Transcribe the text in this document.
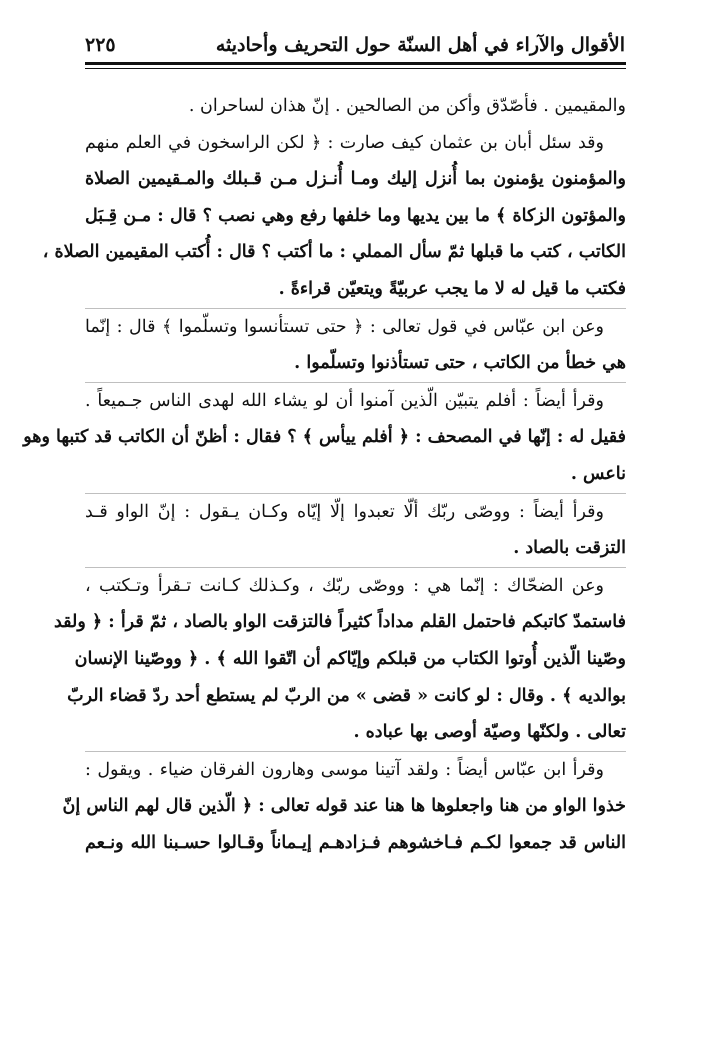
الأقوال والآراء في أهل السنّة حول التحريف وأحاديثه
٢٢٥
والمقيمين . فأصّدّق وأكن من الصالحين . إنّ هذان لساحران .
وقد سئل أبان بن عثمان كيف صارت : ﴿ لكن الراسخون في العلم منهم
والمؤمنون يؤمنون بما أُنزل إليك ومـا أُنـزل مـن قـبلك والمـقيمين الصلاة
والمؤتون الزكاة ﴾ ما بين يديها وما خلفها رفع وهي نصب ؟ قال : مـن قِـبَل
الكاتب ، كتب ما قبلها ثمّ سأل المملي : ما أكتب ؟ قال : أُكتب المقيمين الصلاة ،
فكتب ما قيل له لا ما يجب عربيّةً ويتعيّن قراءةً .
وعن ابن عبّاس في قول تعالى : ﴿ حتى تستأنسوا وتسلّموا ﴾ قال : إنّما
هي خطأ من الكاتب ، حتى تستأذنوا وتسلّموا .
وقرأ أيضاً : أفلم يتبيّن الّذين آمنوا أن لو يشاء الله لهدى الناس جـميعاً .
فقيل له : إنّها في المصحف : ﴿ أفلم ييأس ﴾ ؟ فقال : أظنّ أن الكاتب قد كتبها وهو
ناعس .
وقرأ أيضاً : ووصّى ربّك ألّا تعبدوا إلّا إيّاه وكـان يـقول : إنّ الواو قـد
التزقت بالصاد .
وعن الضحّاك : إنّما هي : ووصّى ربّك ، وكـذلك كـانت تـقرأ وتـكتب ،
فاستمدّ كاتبكم فاحتمل القلم مداداً كثيراً فالتزقت الواو بالصاد ، ثمّ قرأ : ﴿ ولقد
وصّينا الّذين أُوتوا الكتاب من قبلكم وإيّاكم أن اتّقوا الله ﴾ . ﴿ ووصّينا الإنسان
بوالديه ﴾ . وقال : لو كانت « قضى » من الربّ لم يستطع أحد ردّ قضاء الربّ
تعالى . ولكنّها وصيّة أوصى بها عباده .
وقرأ ابن عبّاس أيضاً : ولقد آتينا موسى وهارون الفرقان ضياء . ويقول :
خذوا الواو من هنا واجعلوها ها هنا عند قوله تعالى : ﴿ الّذين قال لهم الناس إنّ
الناس قد جمعوا لكـم فـاخشوهم فـزادهـم إيـماناً وقـالوا حسـبنا الله ونـعم
